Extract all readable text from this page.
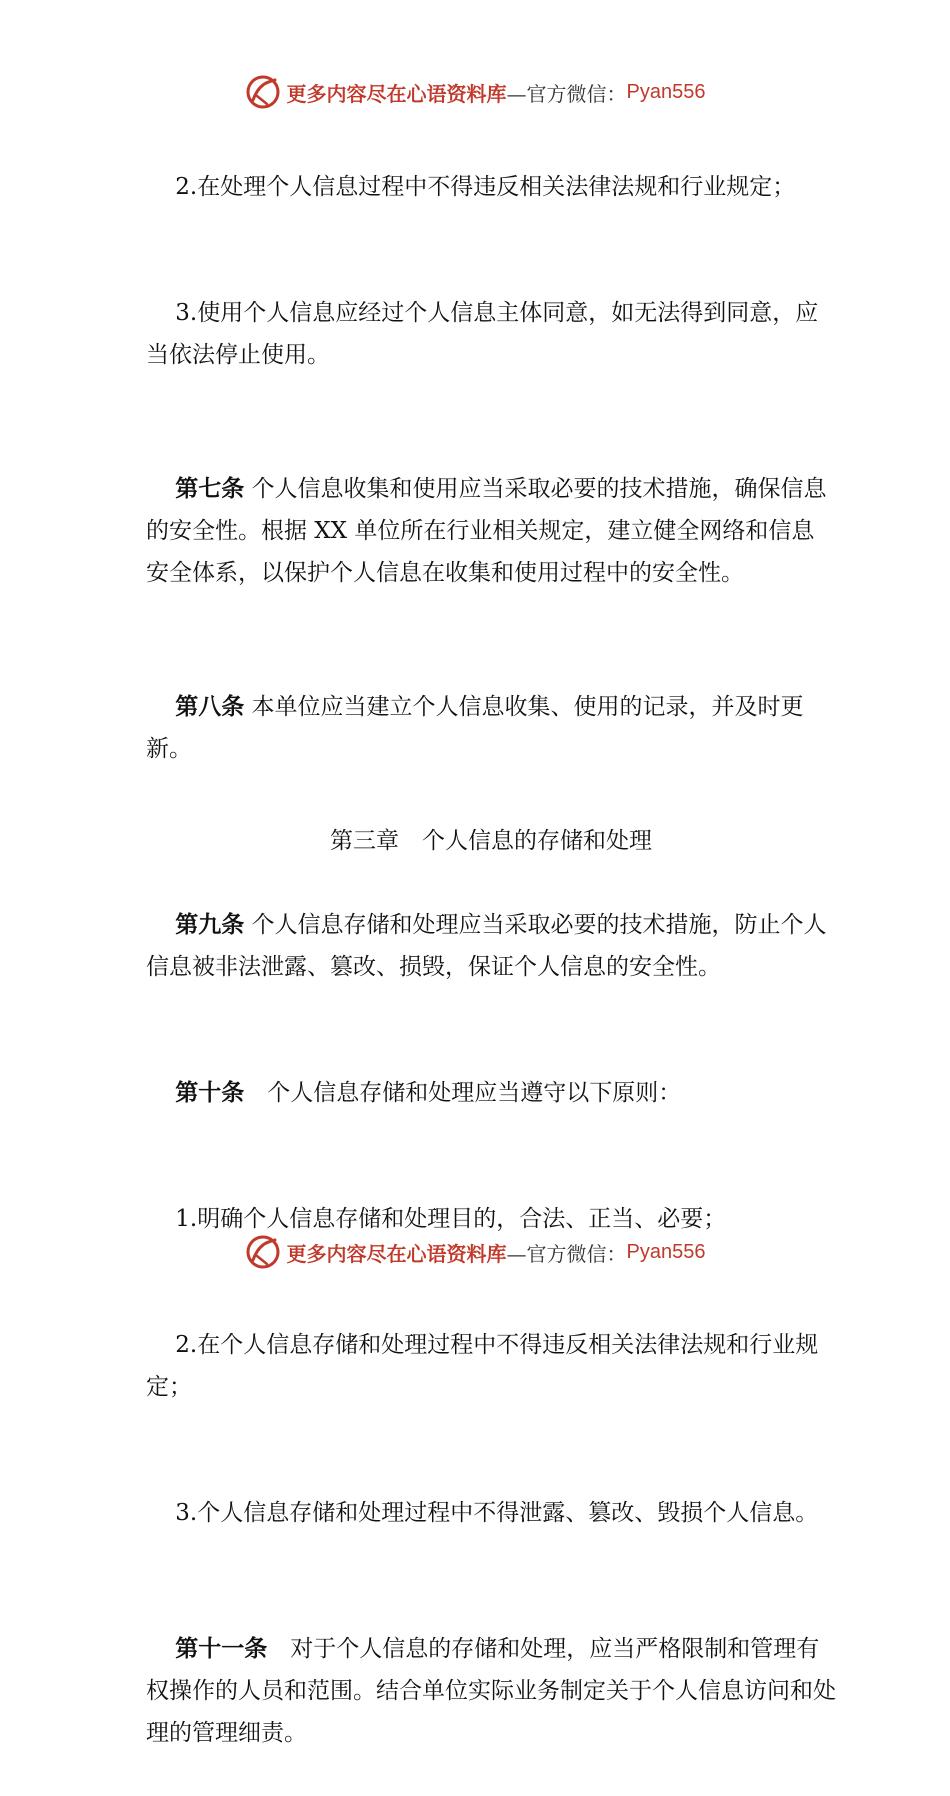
更多内容尽在心语资料库 —官方微信： Pyan556

2.在处理个人信息过程中不得违反相关法律法规和行业规定；

3.使用个人信息应经过个人信息主体同意，如无法得到同意，应当依法停止使用。

第七条 个人信息收集和使用应当采取必要的技术措施，确保信息的安全性。根据 XX 单位所在行业相关规定，建立健全网络和信息安全体系，以保护个人信息在收集和使用过程中的安全性。

第八条 本单位应当建立个人信息收集、使用的记录，并及时更新。

第三章　个人信息的存储和处理

第九条 个人信息存储和处理应当采取必要的技术措施，防止个人信息被非法泄露、篡改、损毁，保证个人信息的安全性。

第十条　个人信息存储和处理应当遵守以下原则：

1.明确个人信息存储和处理目的，合法、正当、必要；

2.在个人信息存储和处理过程中不得违反相关法律法规和行业规定；

3.个人信息存储和处理过程中不得泄露、篡改、毁损个人信息。

第十一条　对于个人信息的存储和处理，应当严格限制和管理有权操作的人员和范围。结合单位实际业务制定关于个人信息访问和处理的管理细责。

更多内容尽在心语资料库 —官方微信： Pyan556
